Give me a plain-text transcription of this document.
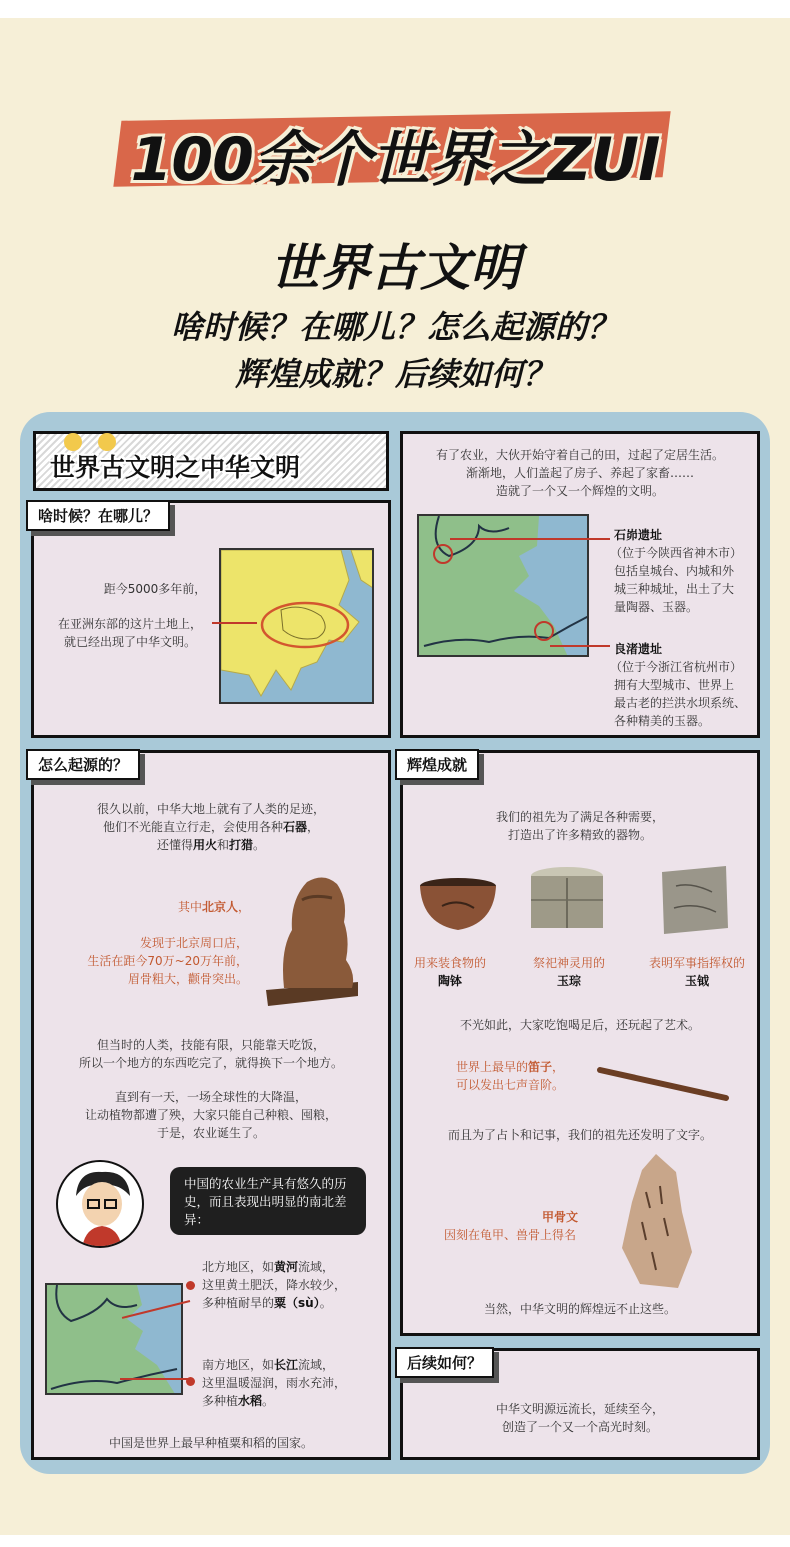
100余个世界之ZUI
世界古文明
啥时候？在哪儿？怎么起源的？
辉煌成就？后续如何？
世界古文明之中华文明
啥时候？在哪儿？
距今5000多年前，
在亚洲东部的这片土地上，
就已经出现了中华文明。
有了农业，大伙开始守着自己的田，过起了定居生活。
渐渐地，人们盖起了房子、养起了家畜……
造就了一个又一个辉煌的文明。
石峁遗址
（位于今陕西省神木市）
包括皇城台、内城和外
城三种城址，出土了大
量陶器、玉器。
良渚遗址
（位于今浙江省杭州市）
拥有大型城市、世界上
最古老的拦洪水坝系统、
各种精美的玉器。
怎么起源的？
很久以前，中华大地上就有了人类的足迹，
他们不光能直立行走，会使用各种石器，
还懂得用火和打猎。
其中北京人，
发现于北京周口店，
生活在距今70万~20万年前，
眉骨粗大，颧骨突出。
但当时的人类，技能有限，只能靠天吃饭，
所以一个地方的东西吃完了，就得换下一个地方。
直到有一天，一场全球性的大降温，
让动植物都遭了殃，大家只能自己种粮、囤粮，
于是，农业诞生了。
中国的农业生产具有悠久的历史，而且表现出明显的南北差异：
北方地区，如黄河流域，
这里黄土肥沃，降水较少，
多种植耐旱的粟（sù）。
南方地区，如长江流域，
这里温暖湿润，雨水充沛，
多种植水稻。
中国是世界上最早种植粟和稻的国家。
辉煌成就
我们的祖先为了满足各种需要，
打造出了许多精致的器物。
用来装食物的
陶钵
祭祀神灵用的
玉琮
表明军事指挥权的
玉钺
不光如此，大家吃饱喝足后，还玩起了艺术。
世界上最早的笛子，
可以发出七声音阶。
而且为了占卜和记事，我们的祖先还发明了文字。
甲骨文
因刻在龟甲、兽骨上得名
当然，中华文明的辉煌远不止这些。
后续如何？
中华文明源远流长，延续至今，
创造了一个又一个高光时刻。
